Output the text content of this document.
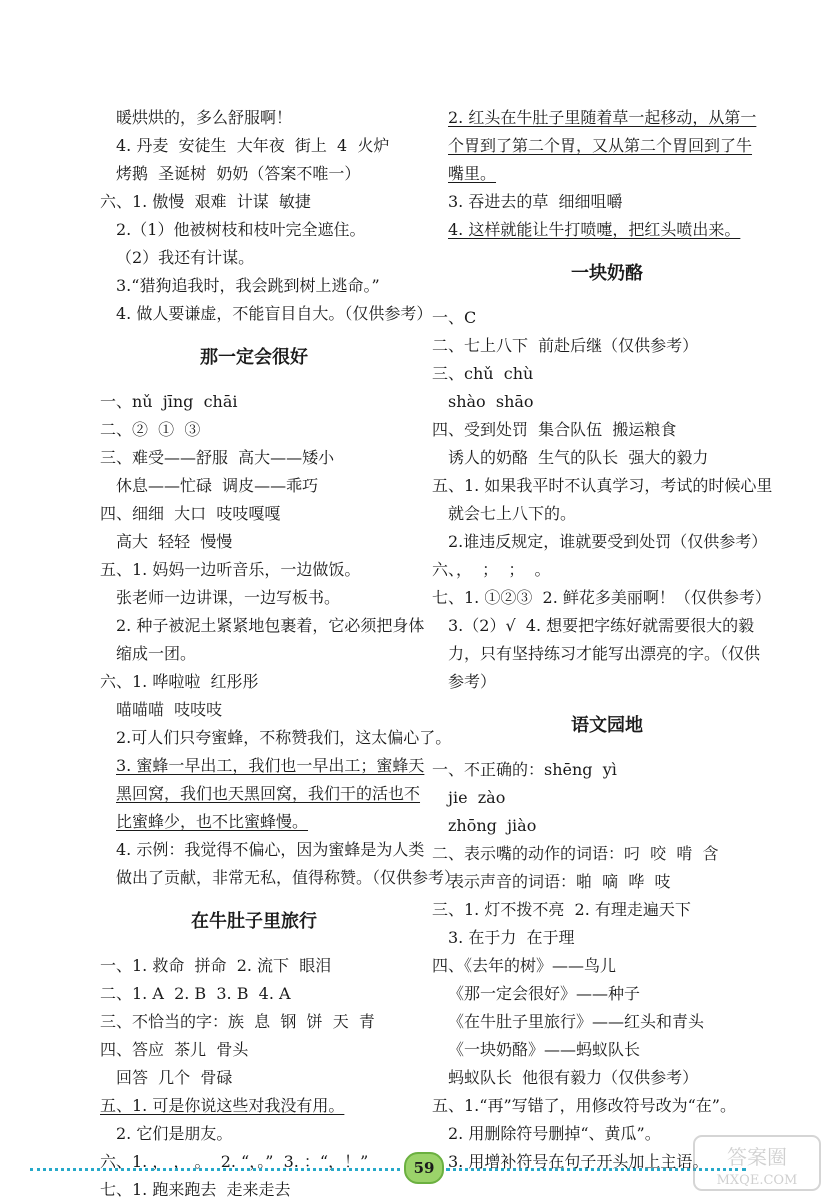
暖烘烘的，多么舒服啊！
4. 丹麦  安徒生  大年夜  街上  4  火炉
烤鹅  圣诞树  奶奶（答案不唯一）
六、1. 傲慢  艰难  计谋  敏捷
2.（1）他被树枝和枝叶完全遮住。
（2）我还有计谋。
3.“猎狗追我时，我会跳到树上逃命。”
4. 做人要谦虚，不能盲目自大。（仅供参考）
那一定会很好
一、nǔ  jīng  chāi
二、②  ①  ③
三、难受——舒服  高大——矮小
休息——忙碌  调皮——乖巧
四、细细  大口  吱吱嘎嘎
高大  轻轻  慢慢
五、1. 妈妈一边听音乐，一边做饭。
张老师一边讲课，一边写板书。
2. 种子被泥土紧紧地包裹着，它必须把身体
缩成一团。
六、1. 哗啦啦  红彤彤
喵喵喵  吱吱吱
2.可人们只夸蜜蜂，不称赞我们，这太偏心了。
3. 蜜蜂一早出工，我们也一早出工；蜜蜂天
黑回窝，我们也天黑回窝，我们干的活也不
比蜜蜂少，也不比蜜蜂慢。
4. 示例：我觉得不偏心，因为蜜蜂是为人类
做出了贡献，非常无私，值得称赞。（仅供参考）
在牛肚子里旅行
一、1. 救命  拼命  2. 流下  眼泪
二、1. A  2. B  3. B  4. A
三、不恰当的字：族  息  钢  饼  天  青
四、答应  茶儿  骨头
回答  几个  骨碌
五、1. 可是你说这些对我没有用。
2. 它们是朋友。
六、1. ， ， 。  2. “，。”  3. ：“，！”
七、1. 跑来跑去  走来走去
2. 红头在牛肚子里随着草一起移动，从第一
个胃到了第二个胃，又从第二个胃回到了牛
嘴里。
3. 吞进去的草  细细咀嚼
4. 这样就能让牛打喷嚏，把红头喷出来。
一块奶酪
一、C
二、七上八下  前赴后继（仅供参考）
三、chǔ  chù
shào  shāo
四、受到处罚  集合队伍  搬运粮食
诱人的奶酪  生气的队长  强大的毅力
五、1. 如果我平时不认真学习，考试的时候心里
就会七上八下的。
2.谁违反规定，谁就要受到处罚（仅供参考）
六、，  ；  ；  。
七、1. ①②③  2. 鲜花多美丽啊！（仅供参考）
3.（2）√  4. 想要把字练好就需要很大的毅
力，只有坚持练习才能写出漂亮的字。（仅供
参考）
语文园地
一、不正确的：shēng  yì
jie  zào
zhōng  jiào
二、表示嘴的动作的词语：叼  咬  啃  含
表示声音的词语：啪  嘀  哗  吱
三、1. 灯不拨不亮  2. 有理走遍天下
3. 在于力  在于理
四、《去年的树》——鸟儿
《那一定会很好》——种子
《在牛肚子里旅行》——红头和青头
《一块奶酪》——蚂蚁队长
蚂蚁队长  他很有毅力（仅供参考）
五、1.“再”写错了，用修改符号改为“在”。
2. 用删除符号删掉“、黄瓜”。
3. 用增补符号在句子开头加上主语。
59	答案圈
MXQE.COM
